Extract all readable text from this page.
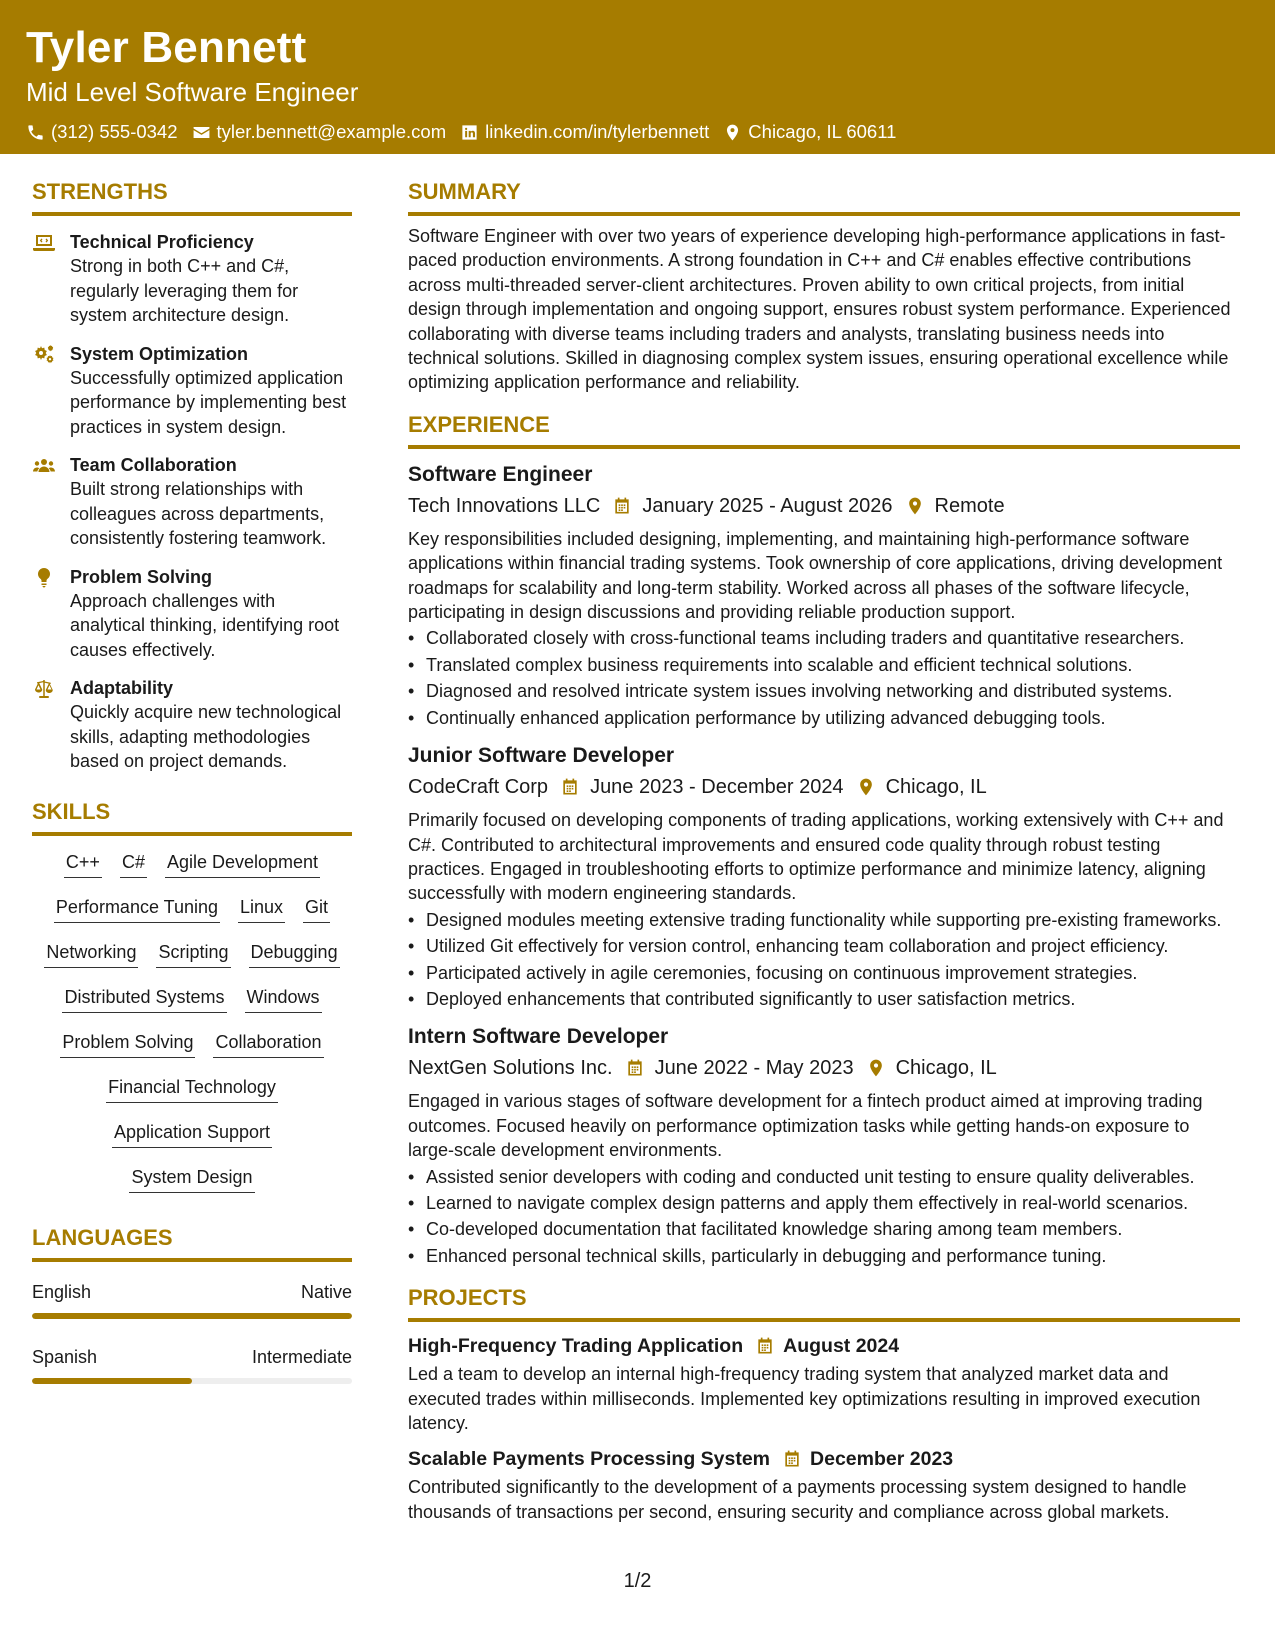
Tyler Bennett
Mid Level Software Engineer
(312) 555-0342 tyler.bennett@example.com linkedin.com/in/tylerbennett Chicago, IL 60611
STRENGTHS
Technical Proficiency
Strong in both C++ and C#, regularly leveraging them for system architecture design.
System Optimization
Successfully optimized application performance by implementing best practices in system design.
Team Collaboration
Built strong relationships with colleagues across departments, consistently fostering teamwork.
Problem Solving
Approach challenges with analytical thinking, identifying root causes effectively.
Adaptability
Quickly acquire new technological skills, adapting methodologies based on project demands.
SKILLS
C++ C# Agile Development
Performance Tuning Linux Git
Networking Scripting Debugging
Distributed Systems Windows
Problem Solving Collaboration
Financial Technology
Application Support
System Design
LANGUAGES
English	Native
Spanish	Intermediate
SUMMARY
Software Engineer with over two years of experience developing high-performance applications in fast-paced production environments. A strong foundation in C++ and C# enables effective contributions across multi-threaded server-client architectures. Proven ability to own critical projects, from initial design through implementation and ongoing support, ensures robust system performance. Experienced collaborating with diverse teams including traders and analysts, translating business needs into technical solutions. Skilled in diagnosing complex system issues, ensuring operational excellence while optimizing application performance and reliability.
EXPERIENCE
Software Engineer
Tech Innovations LLC January 2025 - August 2026 Remote
Key responsibilities included designing, implementing, and maintaining high-performance software applications within financial trading systems. Took ownership of core applications, driving development roadmaps for scalability and long-term stability. Worked across all phases of the software lifecycle, participating in design discussions and providing reliable production support.
• Collaborated closely with cross-functional teams including traders and quantitative researchers.
• Translated complex business requirements into scalable and efficient technical solutions.
• Diagnosed and resolved intricate system issues involving networking and distributed systems.
• Continually enhanced application performance by utilizing advanced debugging tools.
Junior Software Developer
CodeCraft Corp June 2023 - December 2024 Chicago, IL
Primarily focused on developing components of trading applications, working extensively with C++ and C#. Contributed to architectural improvements and ensured code quality through robust testing practices. Engaged in troubleshooting efforts to optimize performance and minimize latency, aligning successfully with modern engineering standards.
• Designed modules meeting extensive trading functionality while supporting pre-existing frameworks.
• Utilized Git effectively for version control, enhancing team collaboration and project efficiency.
• Participated actively in agile ceremonies, focusing on continuous improvement strategies.
• Deployed enhancements that contributed significantly to user satisfaction metrics.
Intern Software Developer
NextGen Solutions Inc. June 2022 - May 2023 Chicago, IL
Engaged in various stages of software development for a fintech product aimed at improving trading outcomes. Focused heavily on performance optimization tasks while getting hands-on exposure to large-scale development environments.
• Assisted senior developers with coding and conducted unit testing to ensure quality deliverables.
• Learned to navigate complex design patterns and apply them effectively in real-world scenarios.
• Co-developed documentation that facilitated knowledge sharing among team members.
• Enhanced personal technical skills, particularly in debugging and performance tuning.
PROJECTS
High-Frequency Trading Application August 2024
Led a team to develop an internal high-frequency trading system that analyzed market data and executed trades within milliseconds. Implemented key optimizations resulting in improved execution latency.
Scalable Payments Processing System December 2023
Contributed significantly to the development of a payments processing system designed to handle thousands of transactions per second, ensuring security and compliance across global markets.
1/2
